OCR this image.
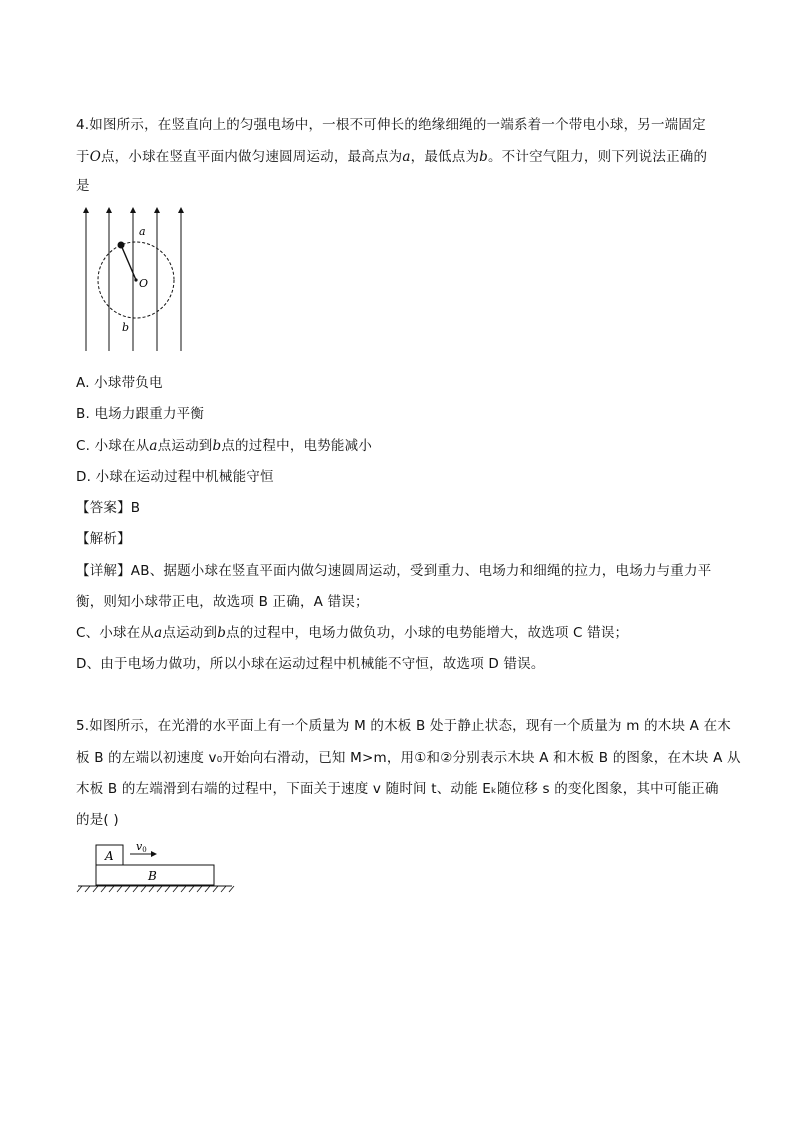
4.如图所示，在竖直向上的匀强电场中，一根不可伸长的绝缘细绳的一端系着一个带电小球，另一端固定
于O点，小球在竖直平面内做匀速圆周运动，最高点为a，最低点为b。不计空气阻力，则下列说法正确的
是
a
O
b
A. 小球带负电
B. 电场力跟重力平衡
C. 小球在从a点运动到b点的过程中，电势能减小
D. 小球在运动过程中机械能守恒
【答案】B
【解析】
【详解】AB、据题小球在竖直平面内做匀速圆周运动，受到重力、电场力和细绳的拉力，电场力与重力平
衡，则知小球带正电，故选项 B 正确，A 错误；
C、小球在从a点运动到b点的过程中，电场力做负功，小球的电势能增大，故选项 C 错误；
D、由于电场力做功，所以小球在运动过程中机械能不守恒，故选项 D 错误。
5.如图所示，在光滑的水平面上有一个质量为 M 的木板 B 处于静止状态，现有一个质量为 m 的木块 A 在木
板 B 的左端以初速度 v₀开始向右滑动，已知 M>m，用①和②分别表示木块 A 和木板 B 的图象，在木块 A 从
木板 B 的左端滑到右端的过程中，下面关于速度 v 随时间 t、动能 Eₖ随位移 s 的变化图象，其中可能正确
的是( )
A
B
v0
